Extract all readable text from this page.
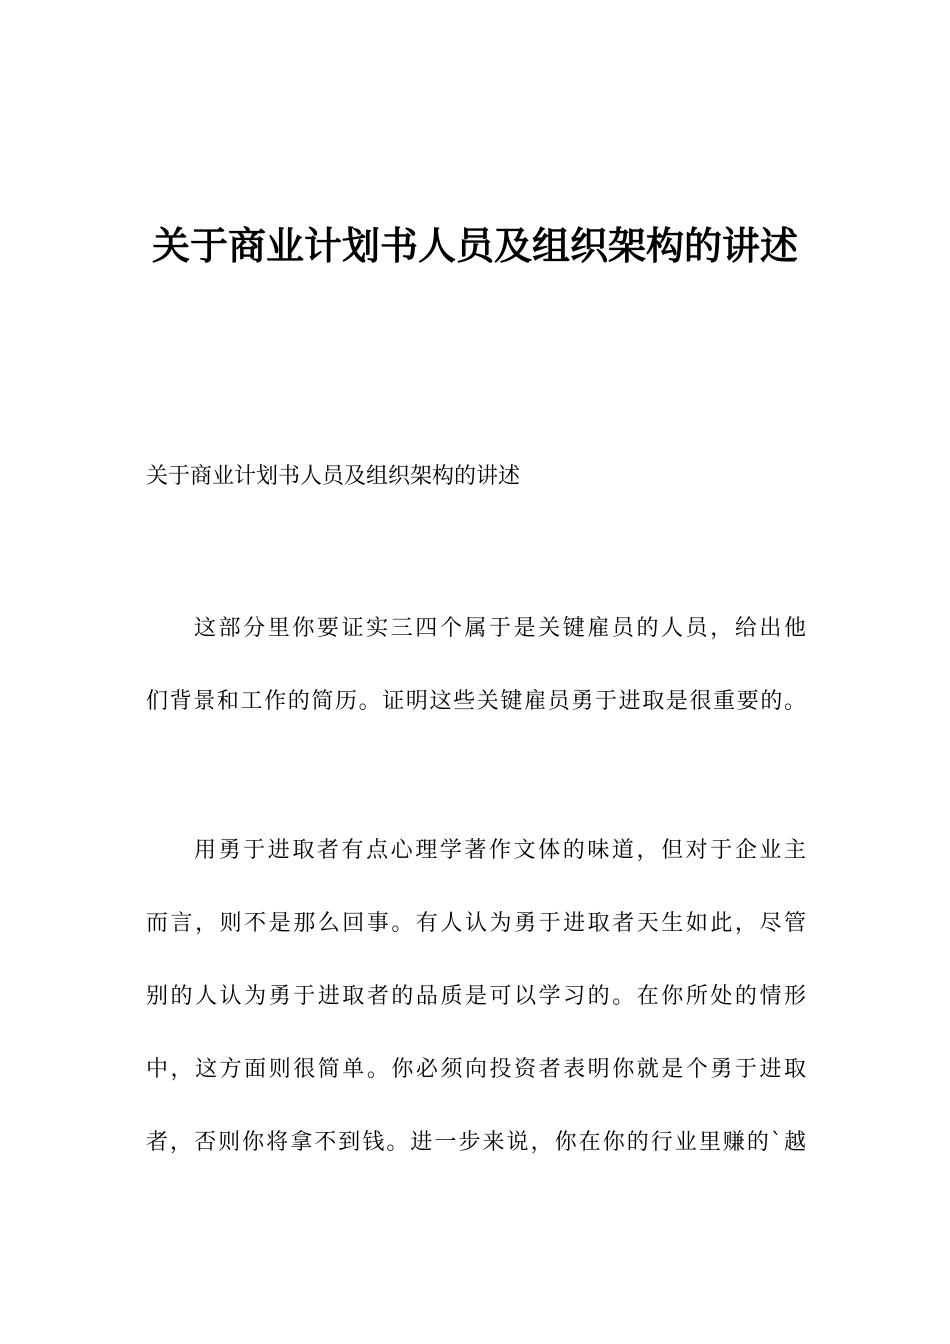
关于商业计划书人员及组织架构的讲述
关于商业计划书人员及组织架构的讲述
这部分里你要证实三四个属于是关键雇员的人员，给出他
们背景和工作的简历。证明这些关键雇员勇于进取是很重要的。
用勇于进取者有点心理学著作文体的味道，但对于企业主
而言，则不是那么回事。有人认为勇于进取者天生如此，尽管
别的人认为勇于进取者的品质是可以学习的。在你所处的情形
中，这方面则很简单。你必须向投资者表明你就是个勇于进取
者，否则你将拿不到钱。进一步来说，你在你的行业里赚的`越
